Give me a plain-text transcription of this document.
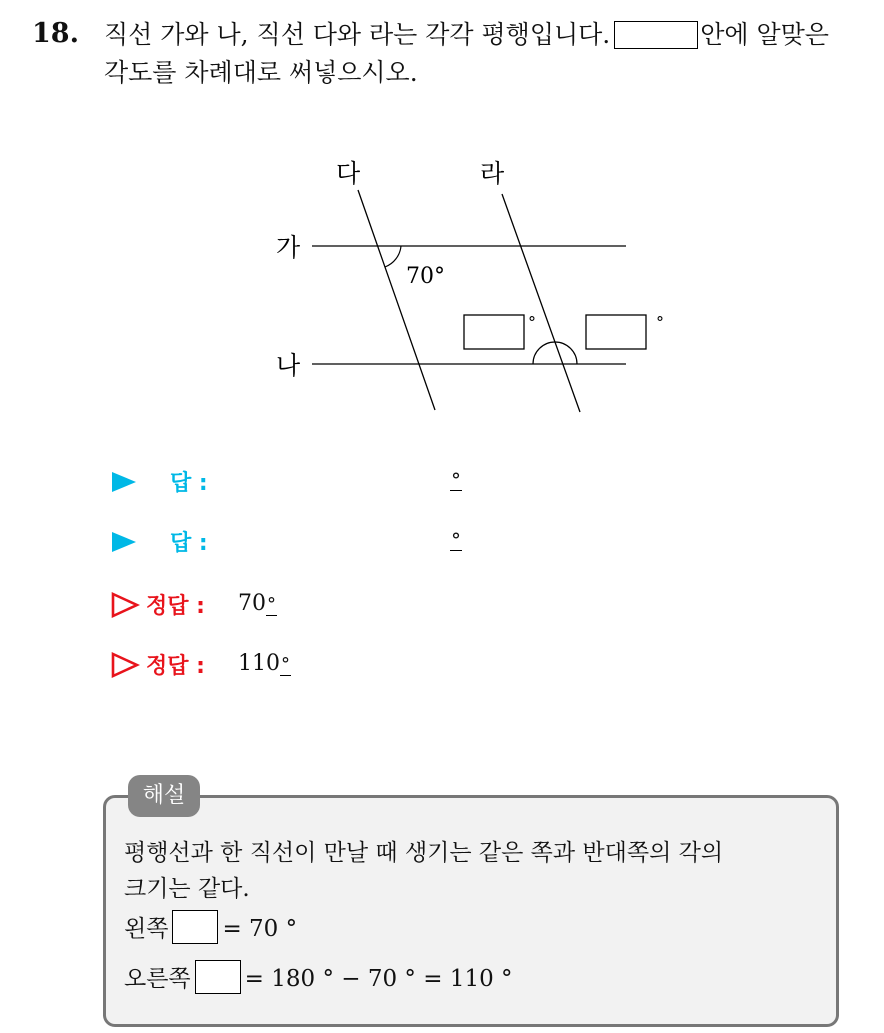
18. 직선 가와 나, 직선 다와 라는 각각 평행입니다.	안에 알맞은
각도를 차례대로 써넣으시오.
가
나
다	라
70°
°	°
답 :	°
답 :	°
정답 : 70°
정답 : 110°
해설
평행선과 한 직선이 만날 때 생기는 같은 쪽과 반대쪽의 각의
크기는 같다.
왼쪽 = 70 °
오른쪽 = 180 ° − 70 ° = 110 °
